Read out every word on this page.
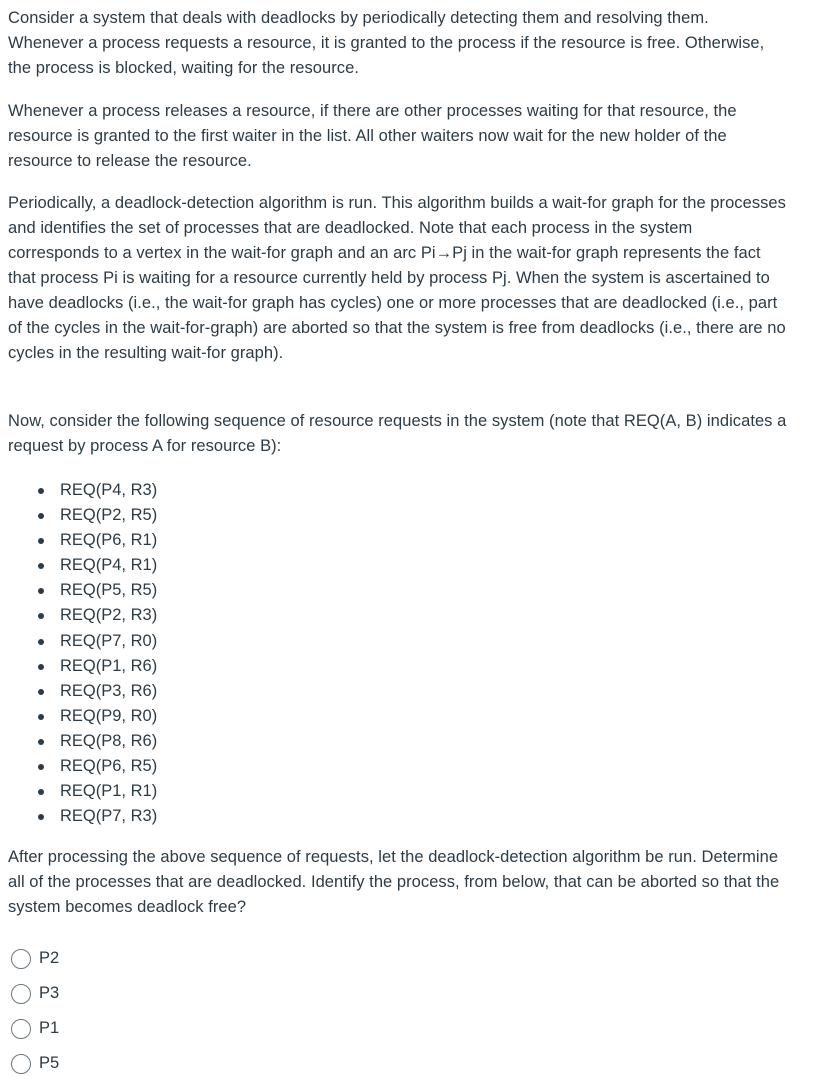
Consider a system that deals with deadlocks by periodically detecting them and resolving them. Whenever a process requests a resource, it is granted to the process if the resource is free. Otherwise, the process is blocked, waiting for the resource.

Whenever a process releases a resource, if there are other processes waiting for that resource, the resource is granted to the first waiter in the list. All other waiters now wait for the new holder of the resource to release the resource.

Periodically, a deadlock-detection algorithm is run. This algorithm builds a wait-for graph for the processes and identifies the set of processes that are deadlocked. Note that each process in the system corresponds to a vertex in the wait-for graph and an arc Pi→Pj in the wait-for graph represents the fact that process Pi is waiting for a resource currently held by process Pj. When the system is ascertained to have deadlocks (i.e., the wait-for graph has cycles) one or more processes that are deadlocked (i.e., part of the cycles in the wait-for-graph) are aborted so that the system is free from deadlocks (i.e., there are no cycles in the resulting wait-for graph).

Now, consider the following sequence of resource requests in the system (note that REQ(A, B) indicates a request by process A for resource B):

REQ(P4, R3)
REQ(P2, R5)
REQ(P6, R1)
REQ(P4, R1)
REQ(P5, R5)
REQ(P2, R3)
REQ(P7, R0)
REQ(P1, R6)
REQ(P3, R6)
REQ(P9, R0)
REQ(P8, R6)
REQ(P6, R5)
REQ(P1, R1)
REQ(P7, R3)

After processing the above sequence of requests, let the deadlock-detection algorithm be run. Determine all of the processes that are deadlocked. Identify the process, from below, that can be aborted so that the system becomes deadlock free?

P2
P3
P1
P5
